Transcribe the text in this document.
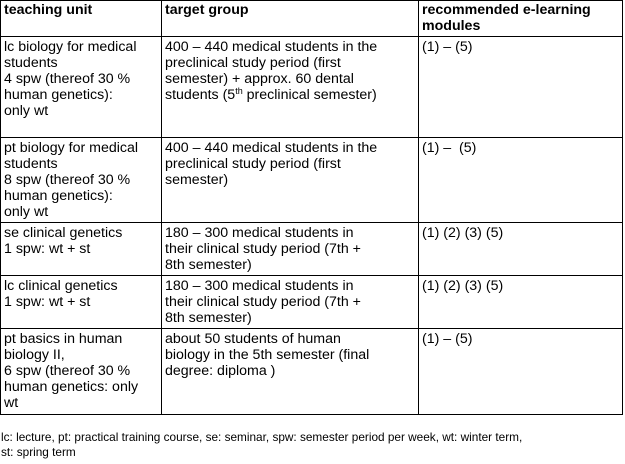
teaching unit	target group	recommended e-learning modules

lc biology for medical
students
4 spw (thereof 30 %
human genetics):
only wt	400 – 440 medical students in the
preclinical study period (first
semester) + approx. 60 dental
students (5th preclinical semester)	(1) – (5)

pt biology for medical
students
8 spw (thereof 30 %
human genetics):
only wt	400 – 440 medical students in the
preclinical study period (first
semester)	(1) –  (5)

se clinical genetics
1 spw: wt + st	180 – 300 medical students in
their clinical study period (7th +
8th semester)	(1) (2) (3) (5)

lc clinical genetics
1 spw: wt + st	180 – 300 medical students in
their clinical study period (7th +
8th semester)	(1) (2) (3) (5)

pt basics in human
biology II,
6 spw (thereof 30 %
human genetics: only
wt	about 50 students of human
biology in the 5th semester (final
degree: diploma )	(1) – (5)
lc: lecture, pt: practical training course, se: seminar, spw: semester period per week, wt: winter term,
st: spring term
